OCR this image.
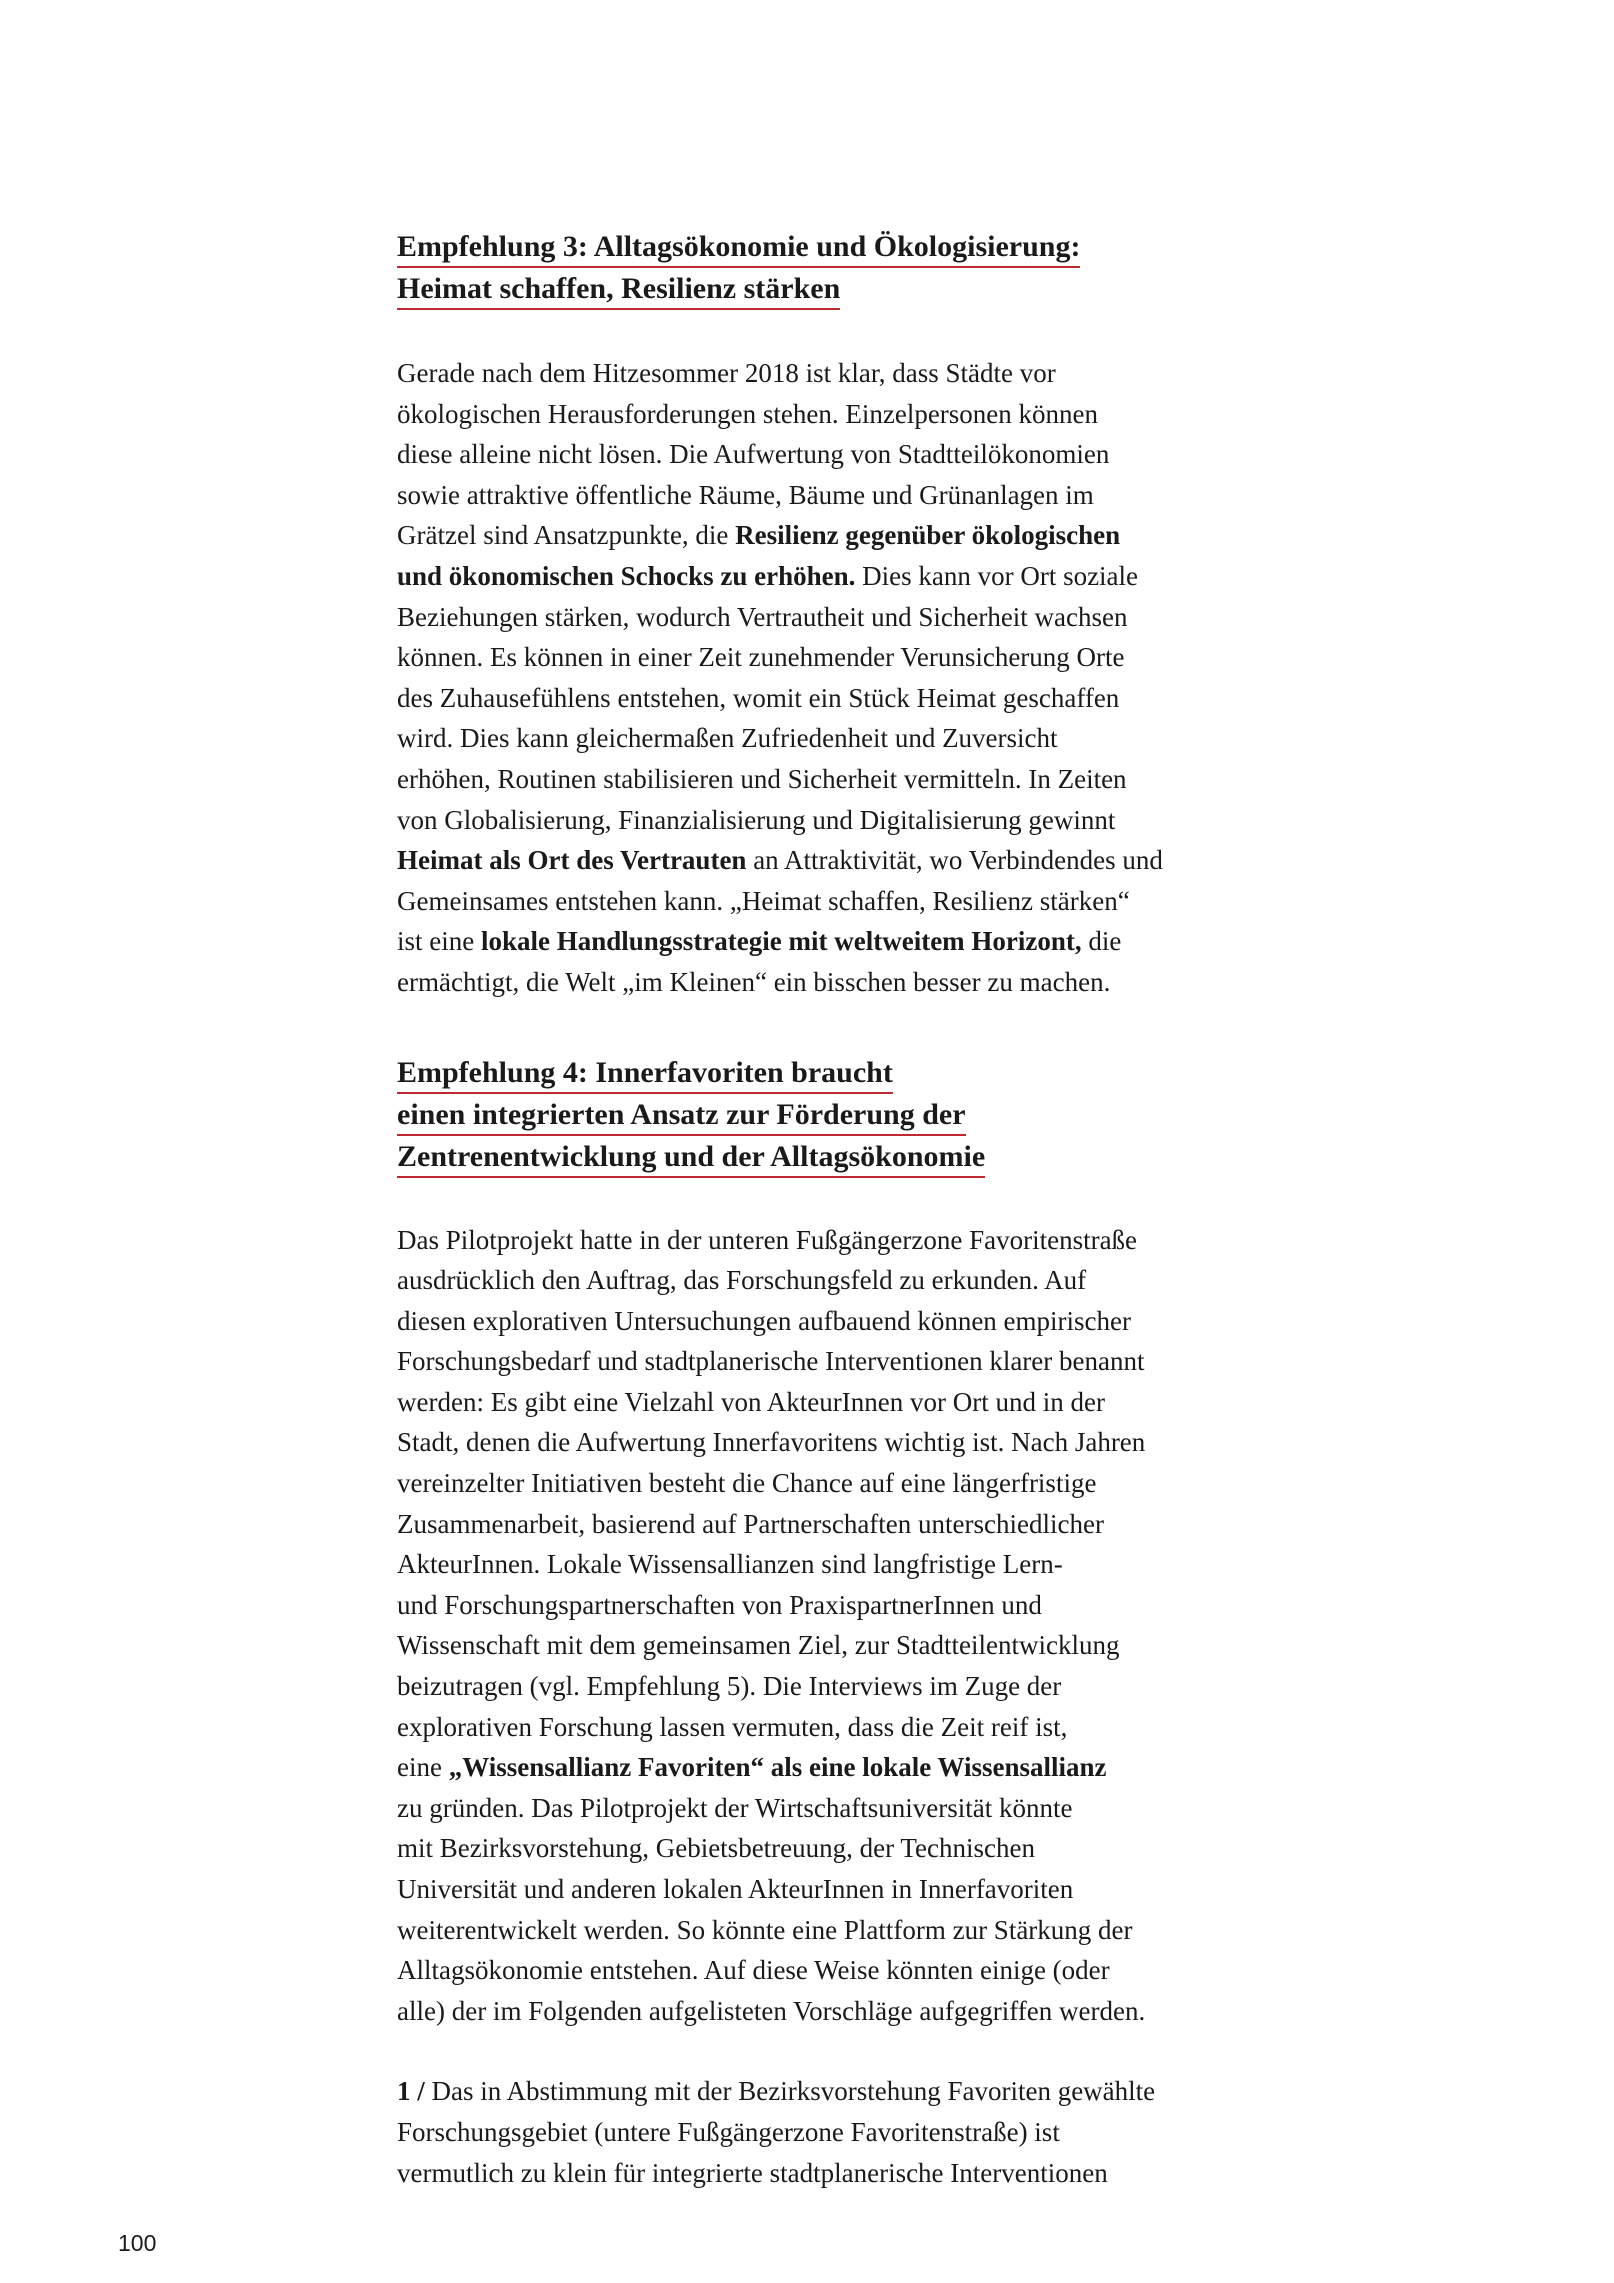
Empfehlung 3: Alltagsökonomie und Ökologisierung:
Heimat schaffen, Resilienz stärken

Gerade nach dem Hitzesommer 2018 ist klar, dass Städte vor
ökologischen Herausforderungen stehen. Einzelpersonen können
diese alleine nicht lösen. Die Aufwertung von Stadtteilökonomien
sowie attraktive öffentliche Räume, Bäume und Grünanlagen im
Grätzel sind Ansatzpunkte, die Resilienz gegenüber ökologischen
und ökonomischen Schocks zu erhöhen. Dies kann vor Ort soziale
Beziehungen stärken, wodurch Vertrautheit und Sicherheit wachsen
können. Es können in einer Zeit zunehmender Verunsicherung Orte
des Zuhausefühlens entstehen, womit ein Stück Heimat geschaffen
wird. Dies kann gleichermaßen Zufriedenheit und Zuversicht
erhöhen, Routinen stabilisieren und Sicherheit vermitteln. In Zeiten
von Globalisierung, Finanzialisierung und Digitalisierung gewinnt
Heimat als Ort des Vertrauten an Attraktivität, wo Verbindendes und
Gemeinsames entstehen kann. „Heimat schaffen, Resilienz stärken“
ist eine lokale Handlungsstrategie mit weltweitem Horizont, die
ermächtigt, die Welt „im Kleinen“ ein bisschen besser zu machen.

Empfehlung 4: Innerfavoriten braucht
einen integrierten Ansatz zur Förderung der
Zentrenentwicklung und der Alltagsökonomie

Das Pilotprojekt hatte in der unteren Fußgängerzone Favoritenstraße
ausdrücklich den Auftrag, das Forschungsfeld zu erkunden. Auf
diesen explorativen Untersuchungen aufbauend können empirischer
Forschungsbedarf und stadtplanerische Interventionen klarer benannt
werden: Es gibt eine Vielzahl von AkteurInnen vor Ort und in der
Stadt, denen die Aufwertung Innerfavoritens wichtig ist. Nach Jahren
vereinzelter Initiativen besteht die Chance auf eine längerfristige
Zusammenarbeit, basierend auf Partnerschaften unterschiedlicher
AkteurInnen. Lokale Wissensallianzen sind langfristige Lern-
und Forschungspartnerschaften von PraxispartnerInnen und
Wissenschaft mit dem gemeinsamen Ziel, zur Stadtteilentwicklung
beizutragen (vgl. Empfehlung 5). Die Interviews im Zuge der
explorativen Forschung lassen vermuten, dass die Zeit reif ist,
eine „Wissensallianz Favoriten“ als eine lokale Wissensallianz
zu gründen. Das Pilotprojekt der Wirtschaftsuniversität könnte
mit Bezirksvorstehung, Gebietsbetreuung, der Technischen
Universität und anderen lokalen AkteurInnen in Innerfavoriten
weiterentwickelt werden. So könnte eine Plattform zur Stärkung der
Alltagsökonomie entstehen. Auf diese Weise könnten einige (oder
alle) der im Folgenden aufgelisteten Vorschläge aufgegriffen werden.

1 / Das in Abstimmung mit der Bezirksvorstehung Favoriten gewählte
Forschungsgebiet (untere Fußgängerzone Favoritenstraße) ist
vermutlich zu klein für integrierte stadtplanerische Interventionen

100
